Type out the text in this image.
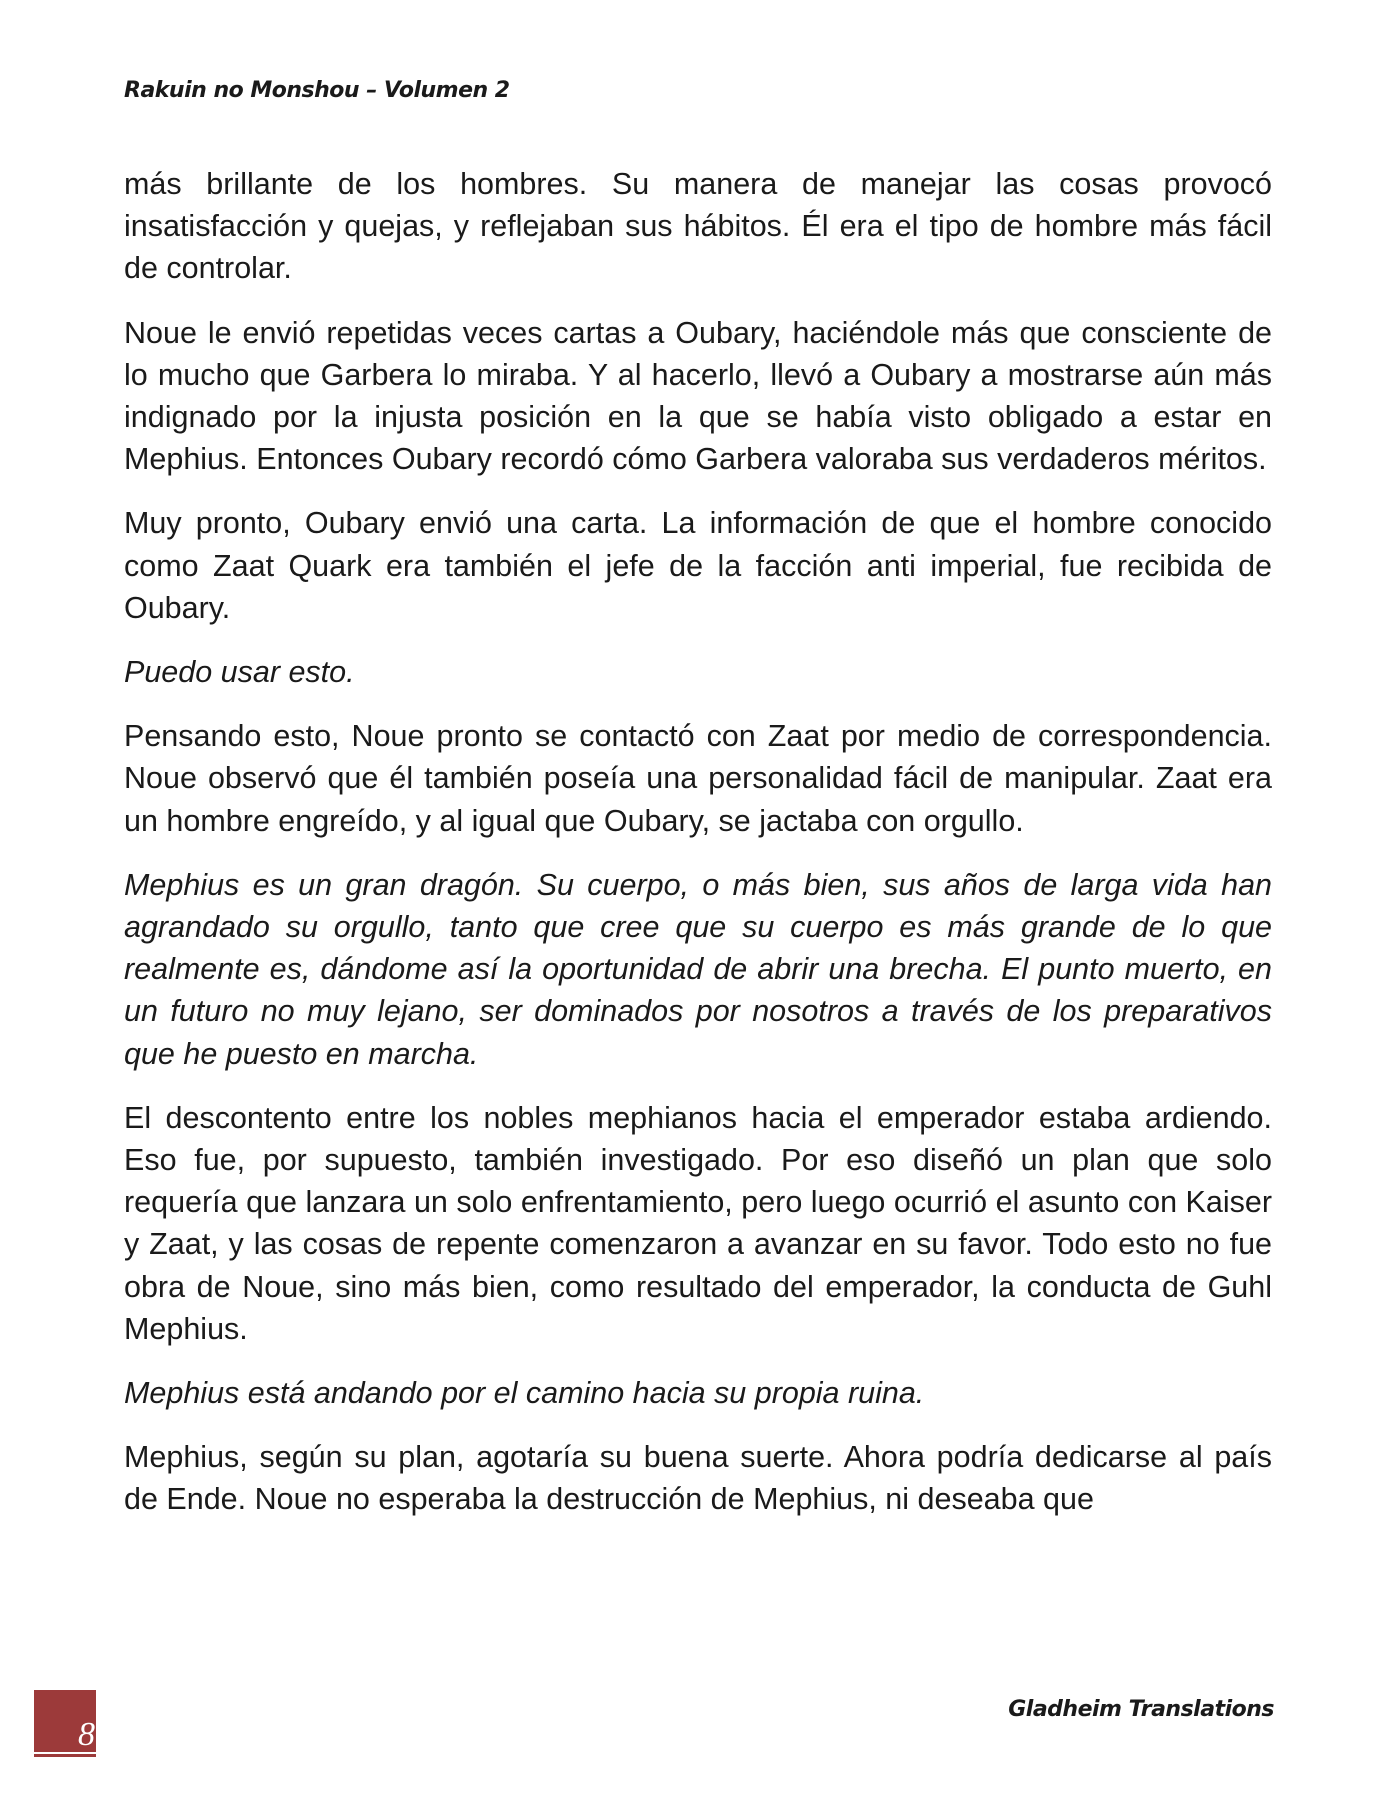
Rakuin no Monshou – Volumen 2

más brillante de los hombres. Su manera de manejar las cosas provocó insatisfacción y quejas, y reflejaban sus hábitos. Él era el tipo de hombre más fácil de controlar.

Noue le envió repetidas veces cartas a Oubary, haciéndole más que consciente de lo mucho que Garbera lo miraba. Y al hacerlo, llevó a Oubary a mostrarse aún más indignado por la injusta posición en la que se había visto obligado a estar en Mephius. Entonces Oubary recordó cómo Garbera valoraba sus verdaderos méritos.

Muy pronto, Oubary envió una carta. La información de que el hombre conocido como Zaat Quark era también el jefe de la facción anti imperial, fue recibida de Oubary.

Puedo usar esto.

Pensando esto, Noue pronto se contactó con Zaat por medio de correspondencia. Noue observó que él también poseía una personalidad fácil de manipular. Zaat era un hombre engreído, y al igual que Oubary, se jactaba con orgullo.

Mephius es un gran dragón. Su cuerpo, o más bien, sus años de larga vida han agrandado su orgullo, tanto que cree que su cuerpo es más grande de lo que realmente es, dándome así la oportunidad de abrir una brecha. El punto muerto, en un futuro no muy lejano, ser dominados por nosotros a través de los preparativos que he puesto en marcha.

El descontento entre los nobles mephianos hacia el emperador estaba ardiendo. Eso fue, por supuesto, también investigado. Por eso diseñó un plan que solo requería que lanzara un solo enfrentamiento, pero luego ocurrió el asunto con Kaiser y Zaat, y las cosas de repente comenzaron a avanzar en su favor. Todo esto no fue obra de Noue, sino más bien, como resultado del emperador, la conducta de Guhl Mephius.

Mephius está andando por el camino hacia su propia ruina.

Mephius, según su plan, agotaría su buena suerte. Ahora podría dedicarse al país de Ende. Noue no esperaba la destrucción de Mephius, ni deseaba que

8
Gladheim Translations
